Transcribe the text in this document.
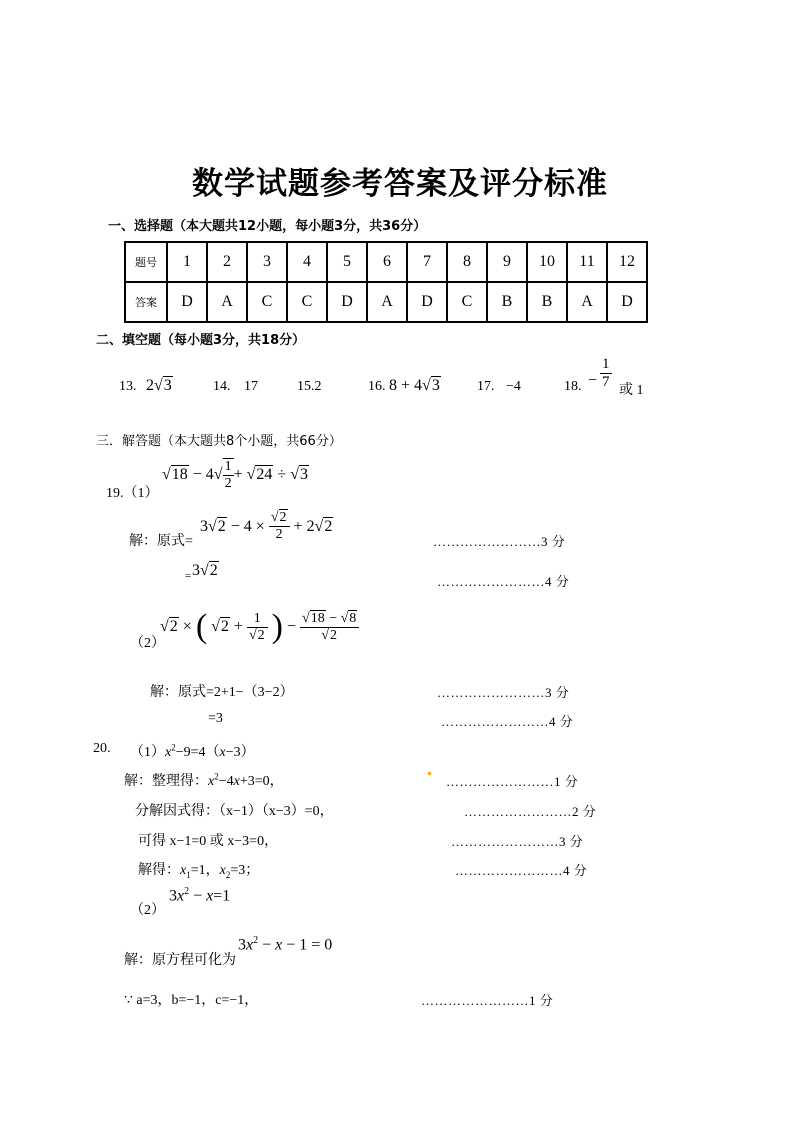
数学试题参考答案及评分标准
一、选择题（本大题共12小题，每小题3分，共36分）
题号	1	2	3	4	5	6	7	8	9	10	11	12
答案	D	A	C	C	D	A	D	C	B	B	A	D
二、填空题（每小题3分，共18分）
13. 2√3	14. 17	15.2	16. 8 + 4√3	17. −4	18. − $\frac{1}{7}$ 或 1
三．解答题（本大题共8个小题，共66分）
19.（1）
$√18 - 4√ \frac{1}{2} + √24 \div √3$
解：原式=
$3√2 - 4 \times \frac{√2}{2} + 2√2$
……………………3 分
= 3√2
……………………4 分
（2）
√2 × ( $√2 + \frac{1}{√2}$ ) − $\frac{√18 - √8}{√2}$
解：原式=2+1−（3−2）	……………………3 分
=3	……………………4 分
20. $(1)x^2-9=4(x-3)$
解：整理得：$x^2-4x+3=0$，	……………………1 分
分解因式得：（x−1）（x−3）=0，	……………………2 分
可得 x−1=0 或 x−3=0，	……………………3 分
解得：$x_1=1$，$x_2=3$；	……………………4 分
（2）
$3x^2 - x=1$
解：原方程可化为
$3x^2 - x - 1 = 0$
∵ a=3，b=−1，c=−1，	……………………1 分
